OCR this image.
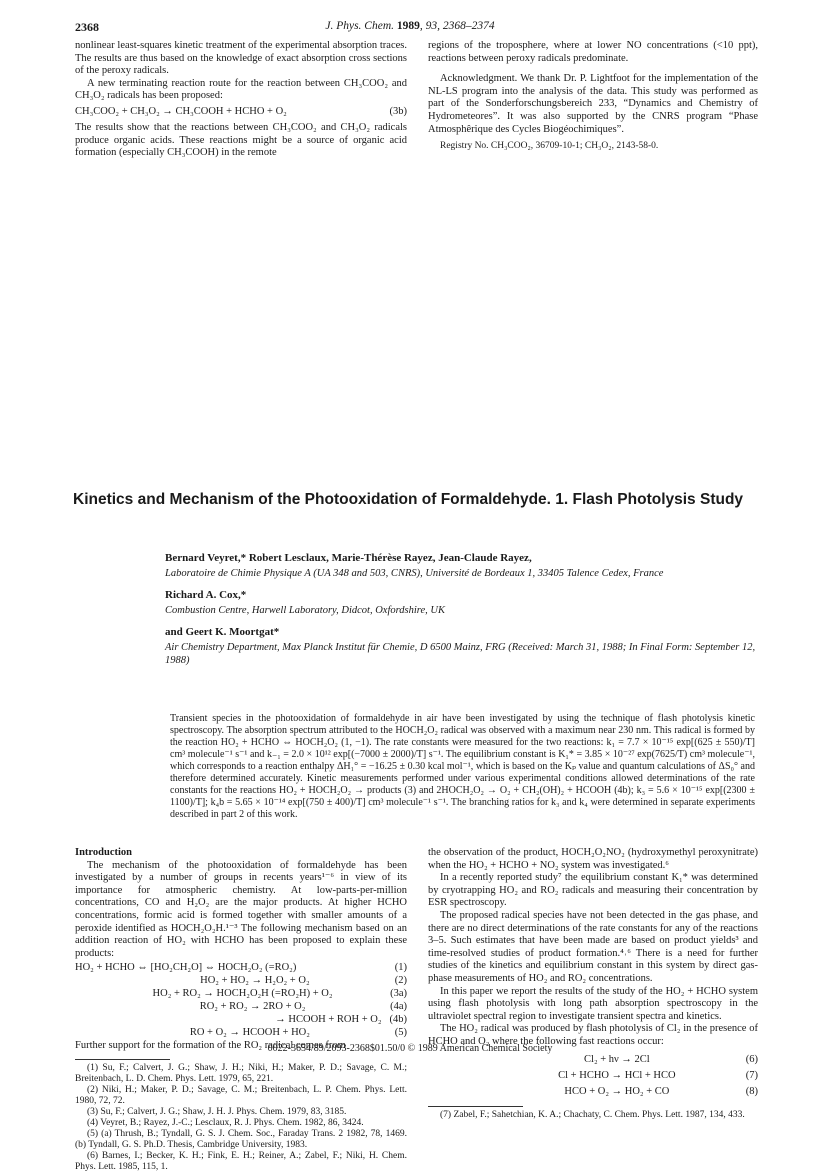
2368	J. Phys. Chem. 1989, 93, 2368–2374

nonlinear least-squares kinetic treatment of the experimental absorption traces. The results are thus based on the knowledge of exact absorption cross sections of the peroxy radicals.

A new terminating reaction route for the reaction between CH₃COO₂ and CH₃O₂ radicals has been proposed:

CH₃COO₂ + CH₃O₂ → CH₃COOH + HCHO + O₂	(3b)

The results show that the reactions between CH₃COO₂ and CH₃O₂ radicals produce organic acids. These reactions might be a source of organic acid formation (especially CH₃COOH) in the remote

regions of the troposphere, where at lower NO concentrations (<10 ppt), reactions between peroxy radicals predominate.

Acknowledgment. We thank Dr. P. Lightfoot for the implementation of the NL-LS program into the analysis of the data. This study was performed as part of the Sonderforschungsbereich 233, “Dynamics and Chemistry of Hydrometeores”. It was also supported by the CNRS program “Phase Atmosphêrique des Cycles Biogéochimiques”.

Registry No. CH₃COO₂, 36709-10-1; CH₃O₂, 2143-58-0.

Kinetics and Mechanism of the Photooxidation of Formaldehyde. 1. Flash Photolysis Study
Bernard Veyret,* Robert Lesclaux, Marie-Thérèse Rayez, Jean-Claude Rayez,
Laboratoire de Chimie Physique A (UA 348 and 503, CNRS), Université de Bordeaux 1, 33405 Talence Cedex, France
Richard A. Cox,*
Combustion Centre, Harwell Laboratory, Didcot, Oxfordshire, UK
and Geert K. Moortgat*
Air Chemistry Department, Max Planck Institut für Chemie, D 6500 Mainz, FRG (Received: March 31, 1988; In Final Form: September 12, 1988)
Transient species in the photooxidation of formaldehyde in air have been investigated by using the technique of flash photolysis kinetic spectroscopy. The absorption spectrum attributed to the HOCH₂O₂ radical was observed with a maximum near 230 nm. This radical is formed by the reaction HO₂ + HCHO ⇔ HOCH₂O₂ (1, −1). The rate constants were measured for the two reactions: k₁ = 7.7 × 10⁻¹⁵ exp[(625 ± 550)/T] cm³ molecule⁻¹ s⁻¹ and k₋₁ = 2.0 × 10¹² exp[(−7000 ± 2000)/T] s⁻¹. The equilibrium constant is K₁* = 3.85 × 10⁻²⁷ exp(7625/T) cm³ molecule⁻¹, which corresponds to a reaction enthalpy ΔH₁° = −16.25 ± 0.30 kcal mol⁻¹, which is based on the Kₚ value and quantum calculations of ΔS₀° and therefore determined accurately. Kinetic measurements performed under various experimental conditions allowed determinations of the rate constants for the reactions HO₂ + HOCH₂O₂ → products (3) and 2HOCH₂O₂ → O₂ + CH₂(OH)₂ + HCOOH (4b); k₃ = 5.6 × 10⁻¹⁵ exp[(2300 ± 1100)/T]; k₄b = 5.65 × 10⁻¹⁴ exp[(750 ± 400)/T] cm³ molecule⁻¹ s⁻¹. The branching ratios for k₃ and k₄ were determined in separate experiments described in part 2 of this work.
Introduction

The mechanism of the photooxidation of formaldehyde has been investigated by a number of groups in recents years¹⁻⁶ in view of its importance for atmospheric chemistry. At low-parts-per-million concentrations, CO and H₂O₂ are the major products. At higher HCHO concentrations, formic acid is formed together with smaller amounts of a peroxide identified as HOCH₂O₂H.¹⁻³ The following mechanism based on an addition reaction of HO₂ with HCHO has been proposed to explain these products:

HO₂ + HCHO ⇔ [HO₂CH₂O] ⇔ HOCH₂O₂ (=RO₂)	(1)
HO₂ + HO₂ → H₂O₂ + O₂	(2)
HO₂ + RO₂ → HOCH₂O₂H (=RO₂H) + O₂	(3a)
RO₂ + RO₂ → 2RO + O₂	(4a)
→ HCOOH + ROH + O₂ (4b)
RO + O₂ → HCOOH + HO₂	(5)

Further support for the formation of the RO₂ radical comes from

(1) Su, F.; Calvert, J. G.; Shaw, J. H.; Niki, H.; Maker, P. D.; Savage, C. M.; Breitenbach, L. D. Chem. Phys. Lett. 1979, 65, 221.

(2) Niki, H.; Maker, P. D.; Savage, C. M.; Breitenbach, L. P. Chem. Phys. Lett. 1980, 72, 72.

(3) Su, F.; Calvert, J. G.; Shaw, J. H. J. Phys. Chem. 1979, 83, 3185.

(4) Veyret, B.; Rayez, J.-C.; Lesclaux, R. J. Phys. Chem. 1982, 86, 3424.

(5) (a) Thrush, B.; Tyndall, G. S. J. Chem. Soc., Faraday Trans. 2 1982, 78, 1469. (b) Tyndall, G. S. Ph.D. Thesis, Cambridge University, 1983.

(6) Barnes, I.; Becker, K. H.; Fink, E. H.; Reiner, A.; Zabel, F.; Niki, H. Chem. Phys. Lett. 1985, 115, 1.

the observation of the product, HOCH₂O₂NO₂ (hydroxymethyl peroxynitrate) when the HO₂ + HCHO + NO₂ system was investigated.⁶

In a recently reported study⁷ the equilibrium constant K₁* was determined by cryotrapping HO₂ and RO₂ radicals and measuring their concentration by ESR spectroscopy.

The proposed radical species have not been detected in the gas phase, and there are no direct determinations of the rate constants for any of the reactions 3–5. Such estimates that have been made are based on product yields³ and time-resolved studies of product formation.⁴˒⁶ There is a need for further studies of the kinetics and equilibrium constant in this system by direct gas-phase measurements of HO₂ and RO₂ concentrations.

In this paper we report the results of the study of the HO₂ + HCHO system using flash photolysis with long path absorption spectroscopy in the ultraviolet spectral region to investigate transient spectra and kinetics.

The HO₂ radical was produced by flash photolysis of Cl₂ in the presence of HCHO and O₂ where the following fast reactions occur:

Cl₂ + hν → 2Cl	(6)
Cl + HCHO → HCl + HCO	(7)
HCO + O₂ → HO₂ + CO	(8)

(7) Zabel, F.; Sahetchian, K. A.; Chachaty, C. Chem. Phys. Lett. 1987, 134, 433.

0022-3654/89/2093-2368$01.50/0 © 1989 American Chemical Society
